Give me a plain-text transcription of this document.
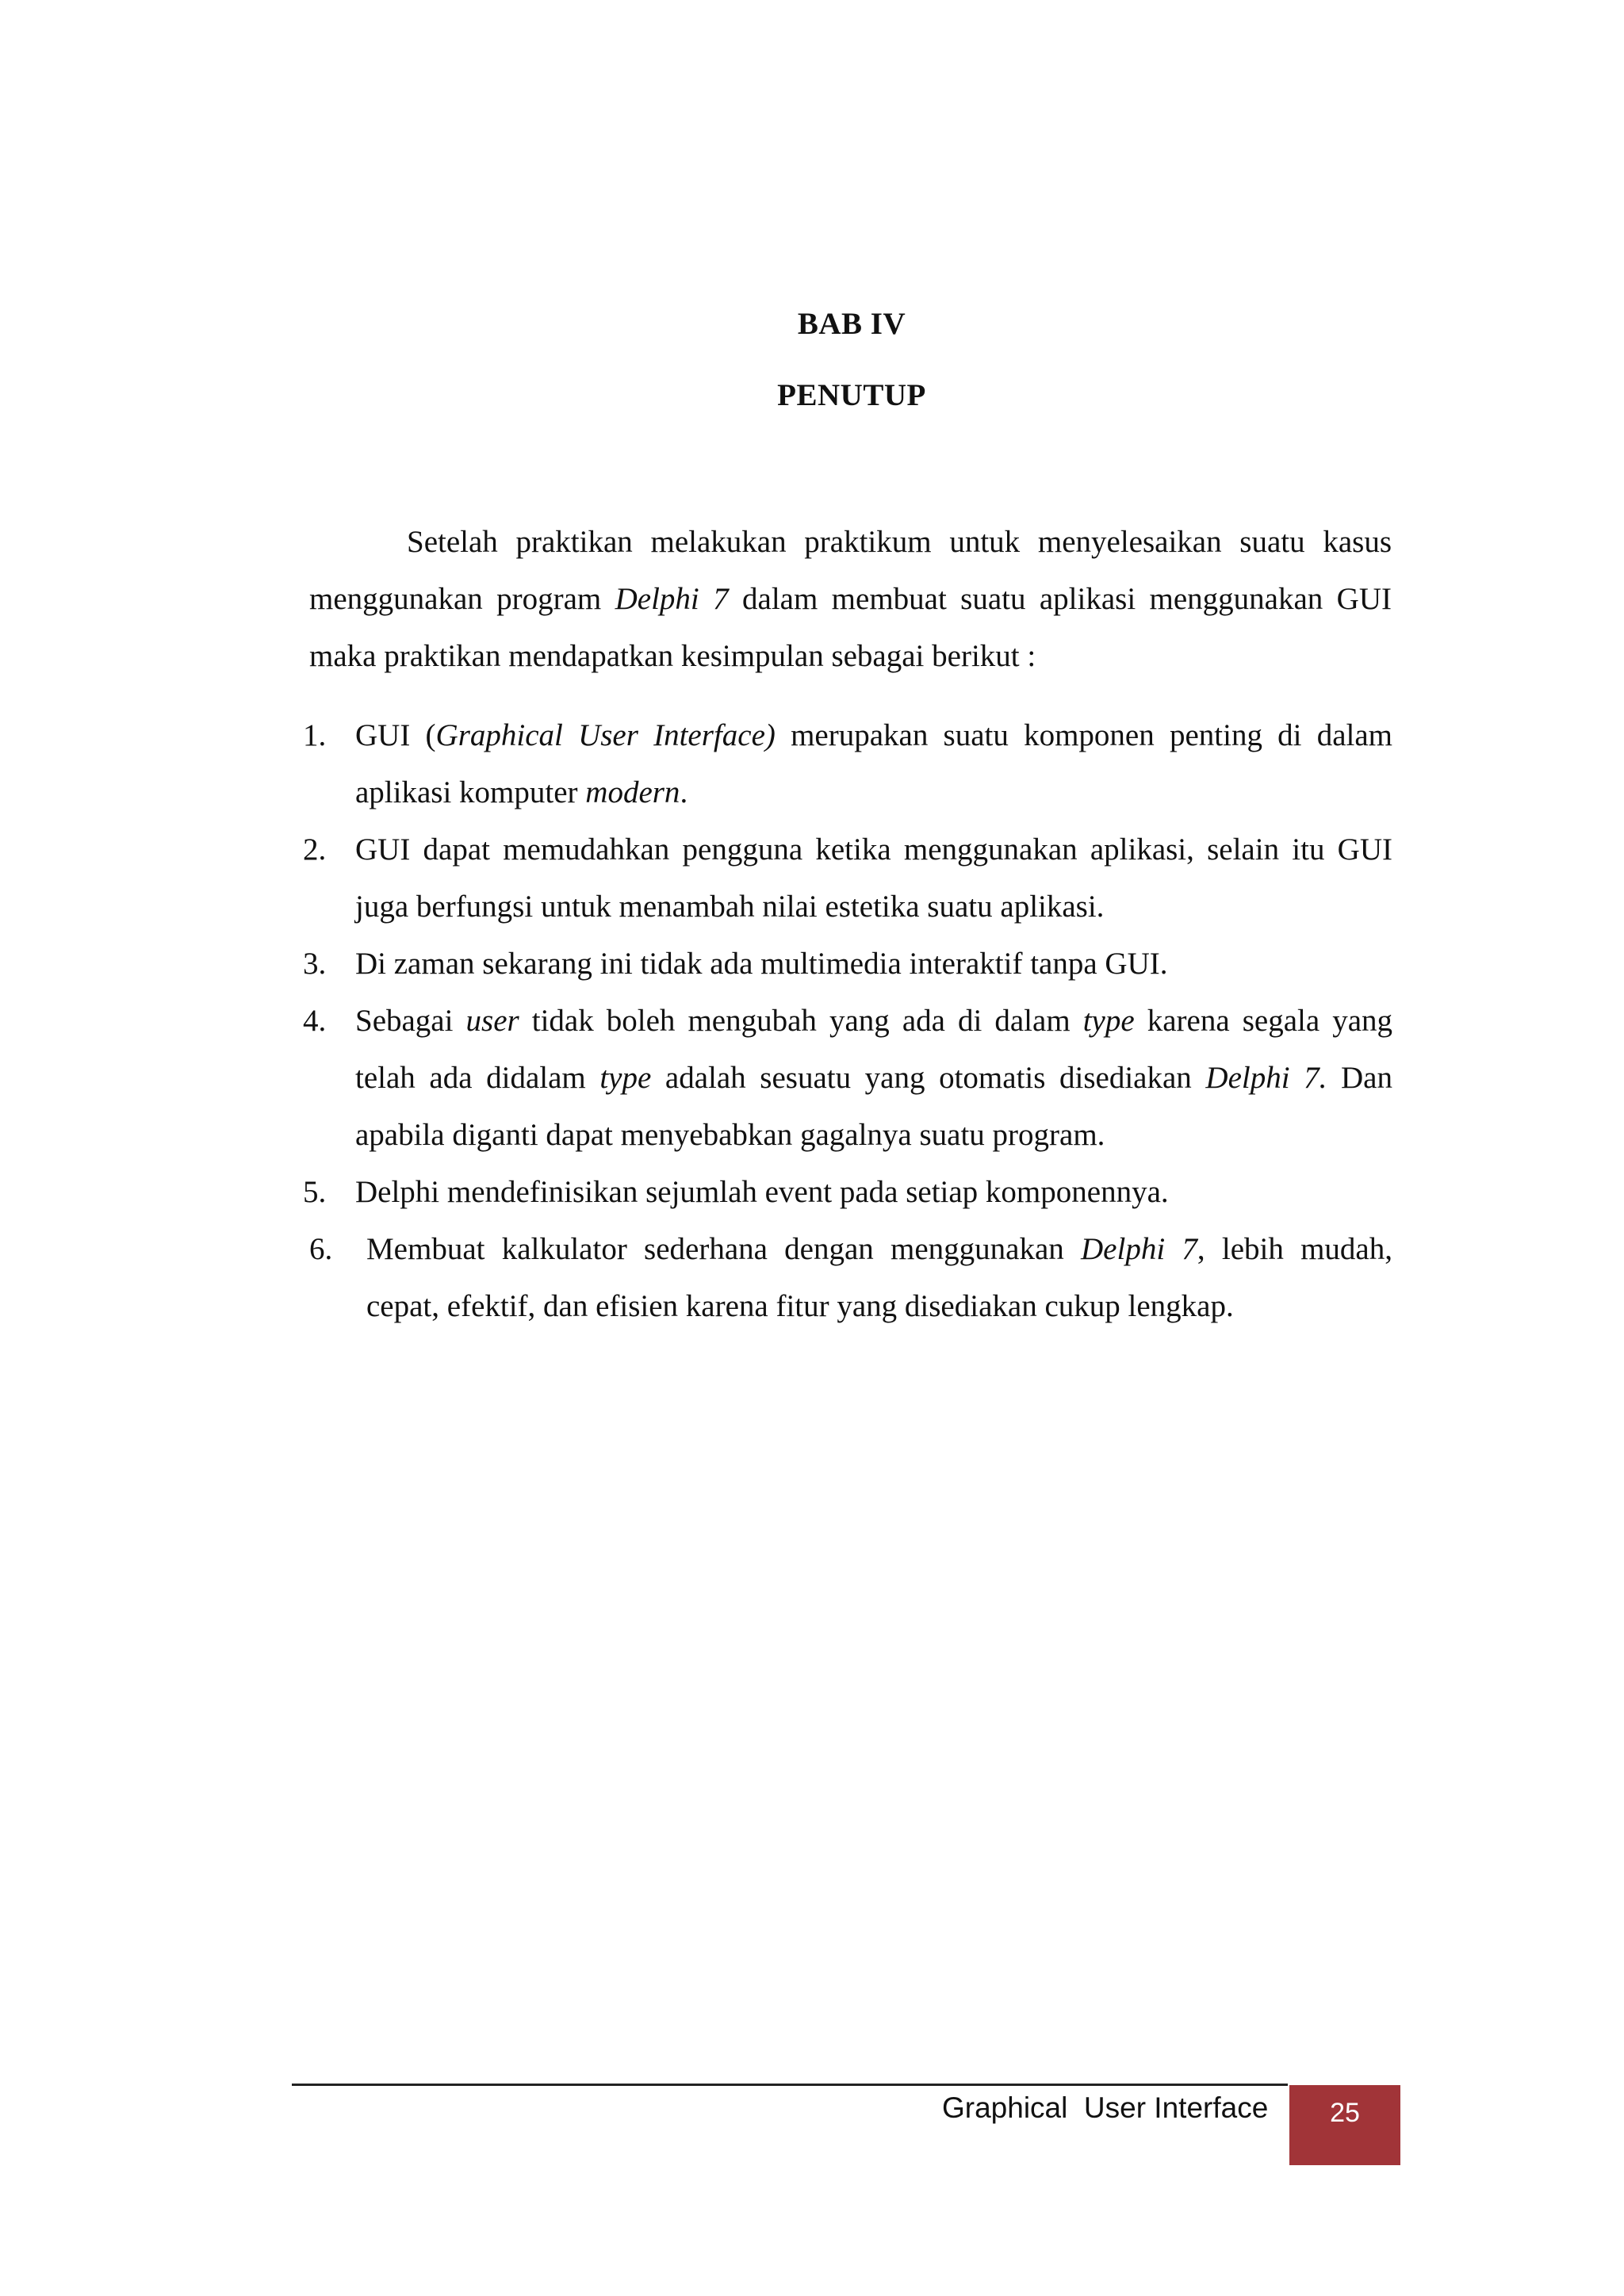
BAB IV
PENUTUP

Setelah praktikan melakukan praktikum untuk menyelesaikan suatu kasus menggunakan program Delphi 7 dalam membuat suatu aplikasi menggunakan GUI maka praktikan mendapatkan kesimpulan sebagai berikut :

1. GUI (Graphical User Interface) merupakan suatu komponen penting di dalam aplikasi komputer modern.
2. GUI dapat memudahkan pengguna ketika menggunakan aplikasi, selain itu GUI juga berfungsi untuk menambah nilai estetika suatu aplikasi.
3. Di zaman sekarang ini tidak ada multimedia interaktif tanpa GUI.
4. Sebagai user tidak boleh mengubah yang ada di dalam type karena segala yang telah ada didalam type adalah sesuatu yang otomatis disediakan Delphi 7. Dan apabila diganti dapat menyebabkan gagalnya suatu program.
5. Delphi mendefinisikan sejumlah event pada setiap komponennya.
6. Membuat kalkulator sederhana dengan menggunakan Delphi 7, lebih mudah, cepat, efektif, dan efisien karena fitur yang disediakan cukup lengkap.
Graphical  User Interface	25
